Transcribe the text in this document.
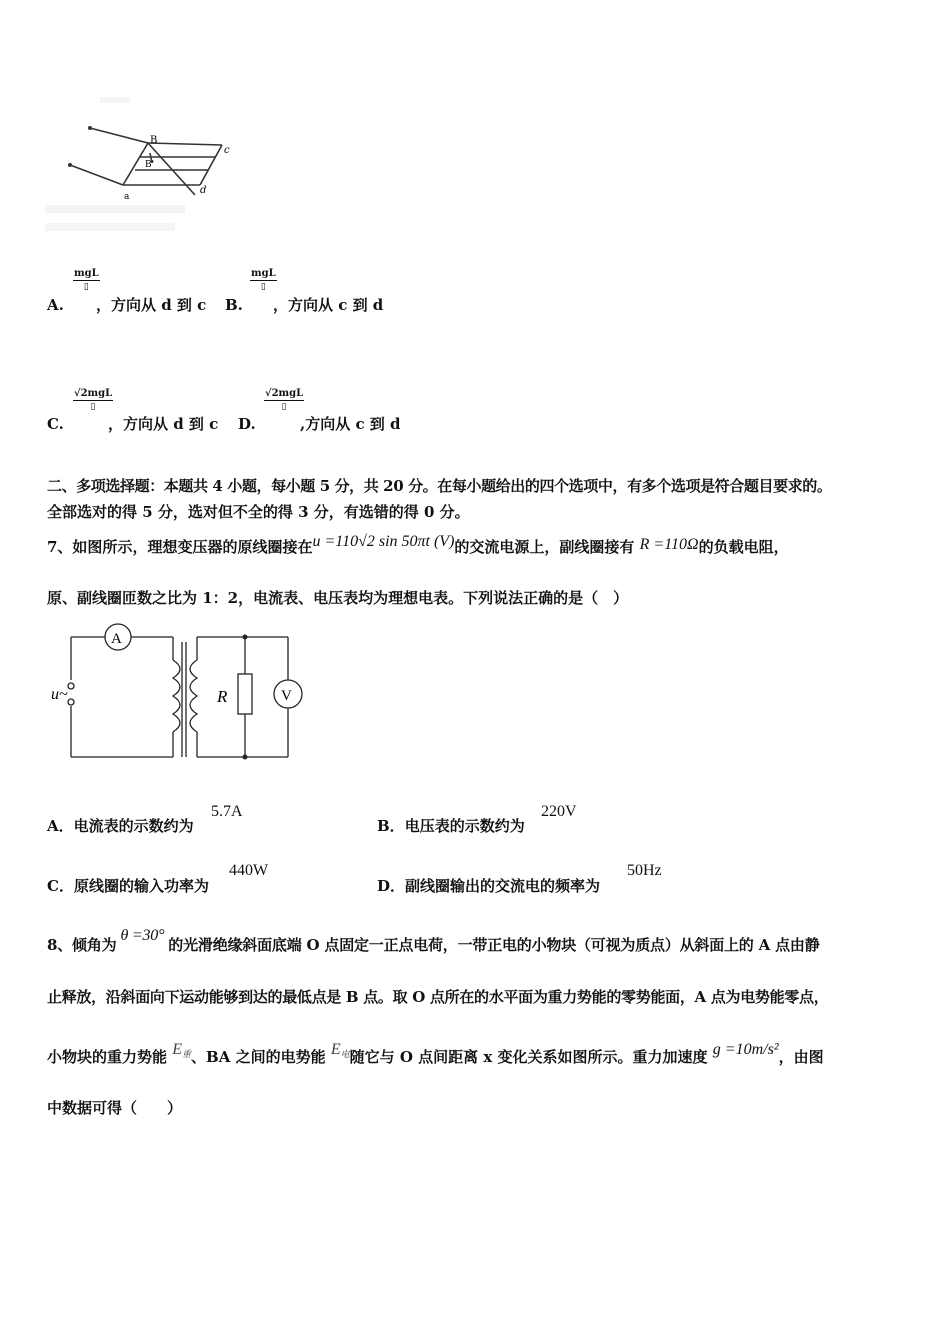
B
B'
c
d
a
A.
mgL
▯
，方向从 d 到 c B.
mgL
▯
，方向从 c 到 d
C.
√2mgL
▯
，方向从 d 到 c D.
√2mgL
▯
,方向从 c 到 d
二、多项选择题：本题共 4 小题，每小题 5 分，共 20 分。在每小题给出的四个选项中，有多个选项是符合题目要求的。
全部选对的得 5 分，选对但不全的得 3 分，有选错的得 0 分。
7、如图所示，理想变压器的原线圈接在u =110√2 sin 50πt (V)的交流电源上，副线圈接有 R =110Ω的负载电阻，
原、副线圈匝数之比为 1：2，电流表、电压表均为理想电表。下列说法正确的是（　）
A
V
R
u~
A．电流表的示数约为
5.7A
B．电压表的示数约为
220V
C．原线圈的输入功率为
440W
D．副线圈输出的交流电的频率为
50Hz
8、倾角为θ =30°的光滑绝缘斜面底端 O 点固定一正点电荷，一带正电的小物块（可视为质点）从斜面上的 A 点由静
止释放，沿斜面向下运动能够到达的最低点是 B 点。取 O 点所在的水平面为重力势能的零势能面，A 点为电势能零点，
小物块的重力势能 E重、BA 之间的电势能 E电随它与 O 点间距离 x 变化关系如图所示。重力加速度 g =10m/s²，由图
中数据可得（　　）
